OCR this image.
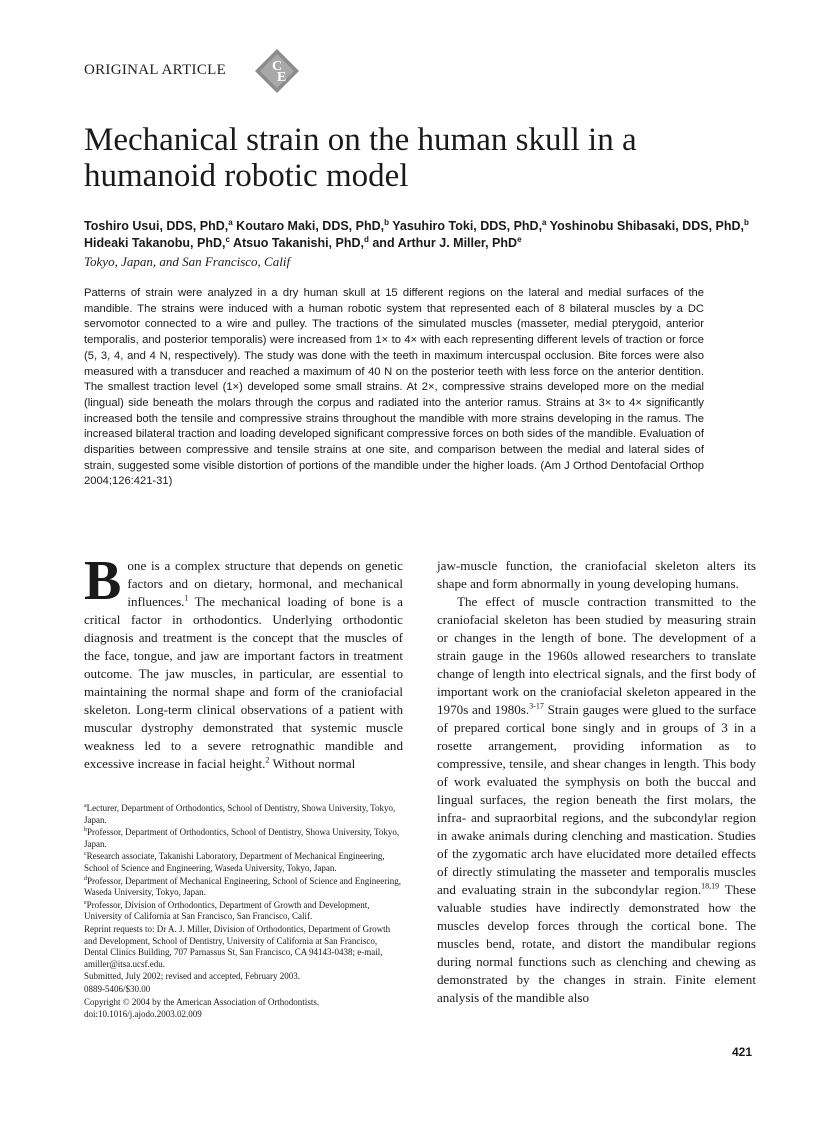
ORIGINAL ARTICLE	C
E
Mechanical strain on the human skull in a humanoid robotic model
Toshiro Usui, DDS, PhD,$^a$ Koutaro Maki, DDS, PhD,$^b$ Yasuhiro Toki, DDS, PhD,$^a$ Yoshinobu Shibasaki, DDS, PhD,$^b$ Hideaki Takanobu, PhD,$^c$ Atsuo Takanishi, PhD,$^d$ and Arthur J. Miller, PhD$^e$
Tokyo, Japan, and San Francisco, Calif

Patterns of strain were analyzed in a dry human skull at 15 different regions on the lateral and medial surfaces of the mandible. The strains were induced with a human robotic system that represented each of 8 bilateral muscles by a DC servomotor connected to a wire and pulley. The tractions of the simulated muscles (masseter, medial pterygoid, anterior temporalis, and posterior temporalis) were increased from 1× to 4× with each representing different levels of traction or force (5, 3, 4, and 4 N, respectively). The study was done with the teeth in maximum intercuspal occlusion. Bite forces were also measured with a transducer and reached a maximum of 40 N on the posterior teeth with less force on the anterior dentition. The smallest traction level (1×) developed some small strains. At 2×, compressive strains developed more on the medial (lingual) side beneath the molars through the corpus and radiated into the anterior ramus. Strains at 3× to 4× significantly increased both the tensile and compressive strains throughout the mandible with more strains developing in the ramus. The increased bilateral traction and loading developed significant compressive forces on both sides of the mandible. Evaluation of disparities between compressive and tensile strains at one site, and comparison between the medial and lateral sides of strain, suggested some visible distortion of portions of the mandible under the higher loads. (Am J Orthod Dentofacial Orthop 2004;126:421-31)

Bone is a complex structure that depends on genetic factors and on dietary, hormonal, and mechanical influences.$^1$ The mechanical loading of bone is a critical factor in orthodontics. Underlying orthodontic diagnosis and treatment is the concept that the muscles of the face, tongue, and jaw are important factors in treatment outcome. The jaw muscles, in particular, are essential to maintaining the normal shape and form of the craniofacial skeleton. Long-term clinical observations of a patient with muscular dystrophy demonstrated that systemic muscle weakness led to a severe retrognathic mandible and excessive increase in facial height.$^2$ Without normal

jaw-muscle function, the craniofacial skeleton alters its shape and form abnormally in young developing humans.

The effect of muscle contraction transmitted to the craniofacial skeleton has been studied by measuring strain or changes in the length of bone. The development of a strain gauge in the 1960s allowed researchers to translate change of length into electrical signals, and the first body of important work on the craniofacial skeleton appeared in the 1970s and 1980s.$^{3-17}$ Strain gauges were glued to the surface of prepared cortical bone singly and in groups of 3 in a rosette arrangement, providing information as to compressive, tensile, and shear changes in length. This body of work evaluated the symphysis on both the buccal and lingual surfaces, the region beneath the first molars, the infra- and supraorbital regions, and the subcondylar region in awake animals during clenching and mastication. Studies of the zygomatic arch have elucidated more detailed effects of directly stimulating the masseter and temporalis muscles and evaluating strain in the subcondylar region.$^{18,19}$ These valuable studies have indirectly demonstrated how the muscles develop forces through the cortical bone. The muscles bend, rotate, and distort the mandibular regions during normal functions such as clenching and chewing as demonstrated by the changes in strain. Finite element analysis of the mandible also

$^a$Lecturer, Department of Orthodontics, School of Dentistry, Showa University, Tokyo, Japan.

$^b$Professor, Department of Orthodontics, School of Dentistry, Showa University, Tokyo, Japan.

$^c$Research associate, Takanishi Laboratory, Department of Mechanical Engineering, School of Science and Engineering, Waseda University, Tokyo, Japan.

$^d$Professor, Department of Mechanical Engineering, School of Science and Engineering, Waseda University, Tokyo, Japan.

$^e$Professor, Division of Orthodontics, Department of Growth and Development, University of California at San Francisco, San Francisco, Calif.

Reprint requests to: Dr A. J. Miller, Division of Orthodontics, Department of Growth and Development, School of Dentistry, University of California at San Francisco, Dental Clinics Building, 707 Parnassus St, San Francisco, CA 94143-0438; e-mail, amiller@itsa.ucsf.edu.

Submitted, July 2002; revised and accepted, February 2003.

0889-5406/$30.00

Copyright © 2004 by the American Association of Orthodontists.

doi:10.1016/j.ajodo.2003.02.009

421
